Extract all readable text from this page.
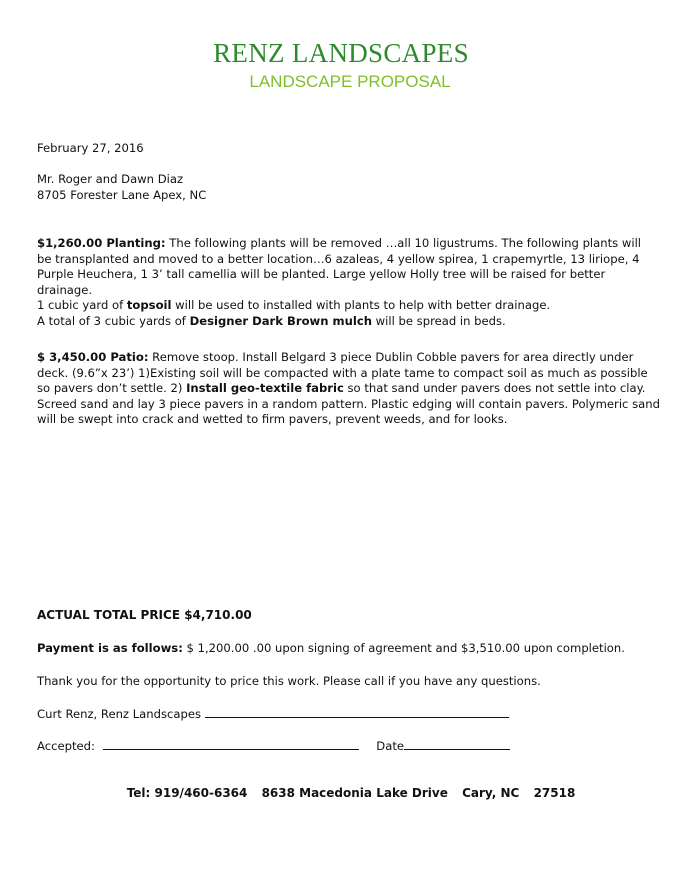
RENZ LANDSCAPES
LANDSCAPE PROPOSAL
February 27, 2016
Mr. Roger and Dawn Diaz
8705 Forester Lane Apex, NC

$1,260.00 Planting: The following plants will be removed …all 10 ligustrums. The following plants will be transplanted and moved to a better location…6 azaleas, 4 yellow spirea, 1 crapemyrtle, 13 liriope, 4 Purple Heuchera, 1 3’ tall camellia will be planted. Large yellow Holly tree will be raised for better drainage.

1 cubic yard of topsoil will be used to installed with plants to help with better drainage.

A total of 3 cubic yards of Designer Dark Brown mulch will be spread in beds.

$ 3,450.00 Patio: Remove stoop. Install Belgard 3 piece Dublin Cobble pavers for area directly under deck. (9.6”x 23’) 1)Existing soil will be compacted with a plate tame to compact soil as much as possible so pavers don’t settle. 2) Install geo-textile fabric so that sand under pavers does not settle into clay. Screed sand and lay 3 piece pavers in a random pattern. Plastic edging will contain pavers. Polymeric sand will be swept into crack and wetted to firm pavers, prevent weeds, and for looks.

ACTUAL TOTAL PRICE $4,710.00
Payment is as follows: $ 1,200.00 .00 upon signing of agreement and $3,510.00 upon completion.
Thank you for the opportunity to price this work. Please call if you have any questions.
Curt Renz, Renz Landscapes
Accepted:	Date
Tel: 919/460-6364 8638 Macedonia Lake Drive Cary, NC 27518
